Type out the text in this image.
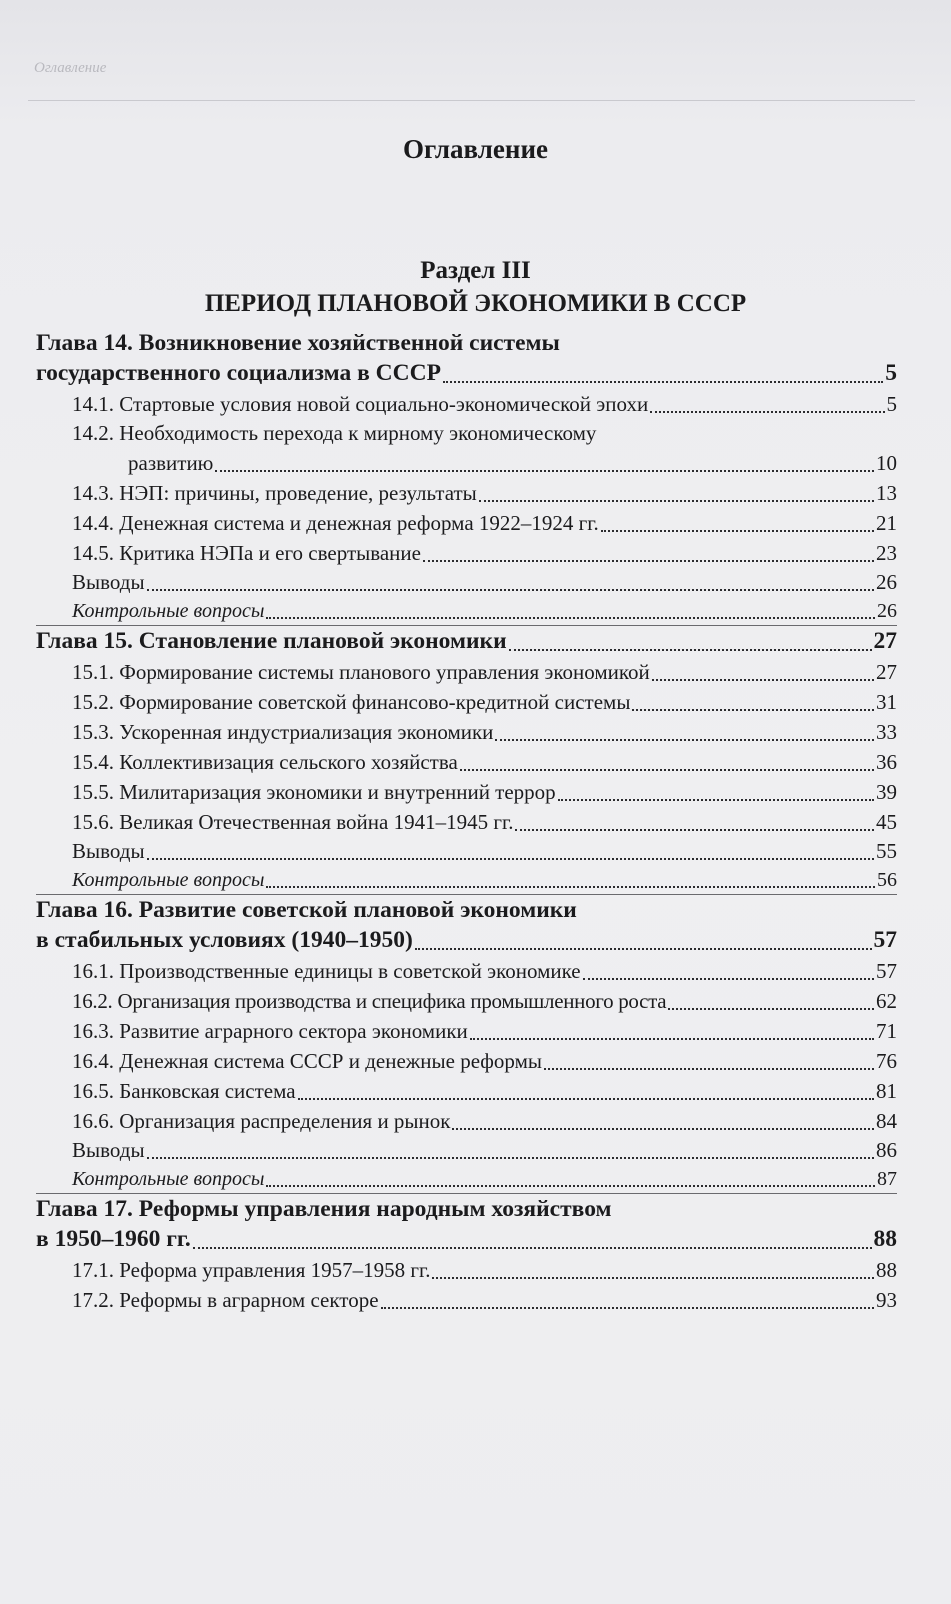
Оглавление
Оглавление
Раздел III
ПЕРИОД ПЛАНОВОЙ ЭКОНОМИКИ В СССР
Глава 14. Возникновение хозяйственной системы
государственного социализма в СССР	5
14.1. Стартовые условия новой социально-экономической эпохи	5
14.2. Необходимость перехода к мирному экономическому
развитию	10
14.3. НЭП: причины, проведение, результаты	13
14.4. Денежная система и денежная реформа 1922–1924 гг.	21
14.5. Критика НЭПа и его свертывание	23
Выводы	26
Контрольные вопросы	26
Глава 15. Становление плановой экономики	27
15.1. Формирование системы планового управления экономикой	27
15.2. Формирование советской финансово-кредитной системы	31
15.3. Ускоренная индустриализация экономики	33
15.4. Коллективизация сельского хозяйства	36
15.5. Милитаризация экономики и внутренний террор	39
15.6. Великая Отечественная война 1941–1945 гг.	45
Выводы	55
Контрольные вопросы	56
Глава 16. Развитие советской плановой экономики
в стабильных условиях (1940–1950)	57
16.1. Производственные единицы в советской экономике	57
16.2. Организация производства и специфика промышленного роста	62
16.3. Развитие аграрного сектора экономики	71
16.4. Денежная система СССР и денежные реформы	76
16.5. Банковская система	81
16.6. Организация распределения и рынок	84
Выводы	86
Контрольные вопросы	87
Глава 17. Реформы управления народным хозяйством
в 1950–1960 гг.	88
17.1. Реформа управления 1957–1958 гг.	88
17.2. Реформы в аграрном секторе	93
